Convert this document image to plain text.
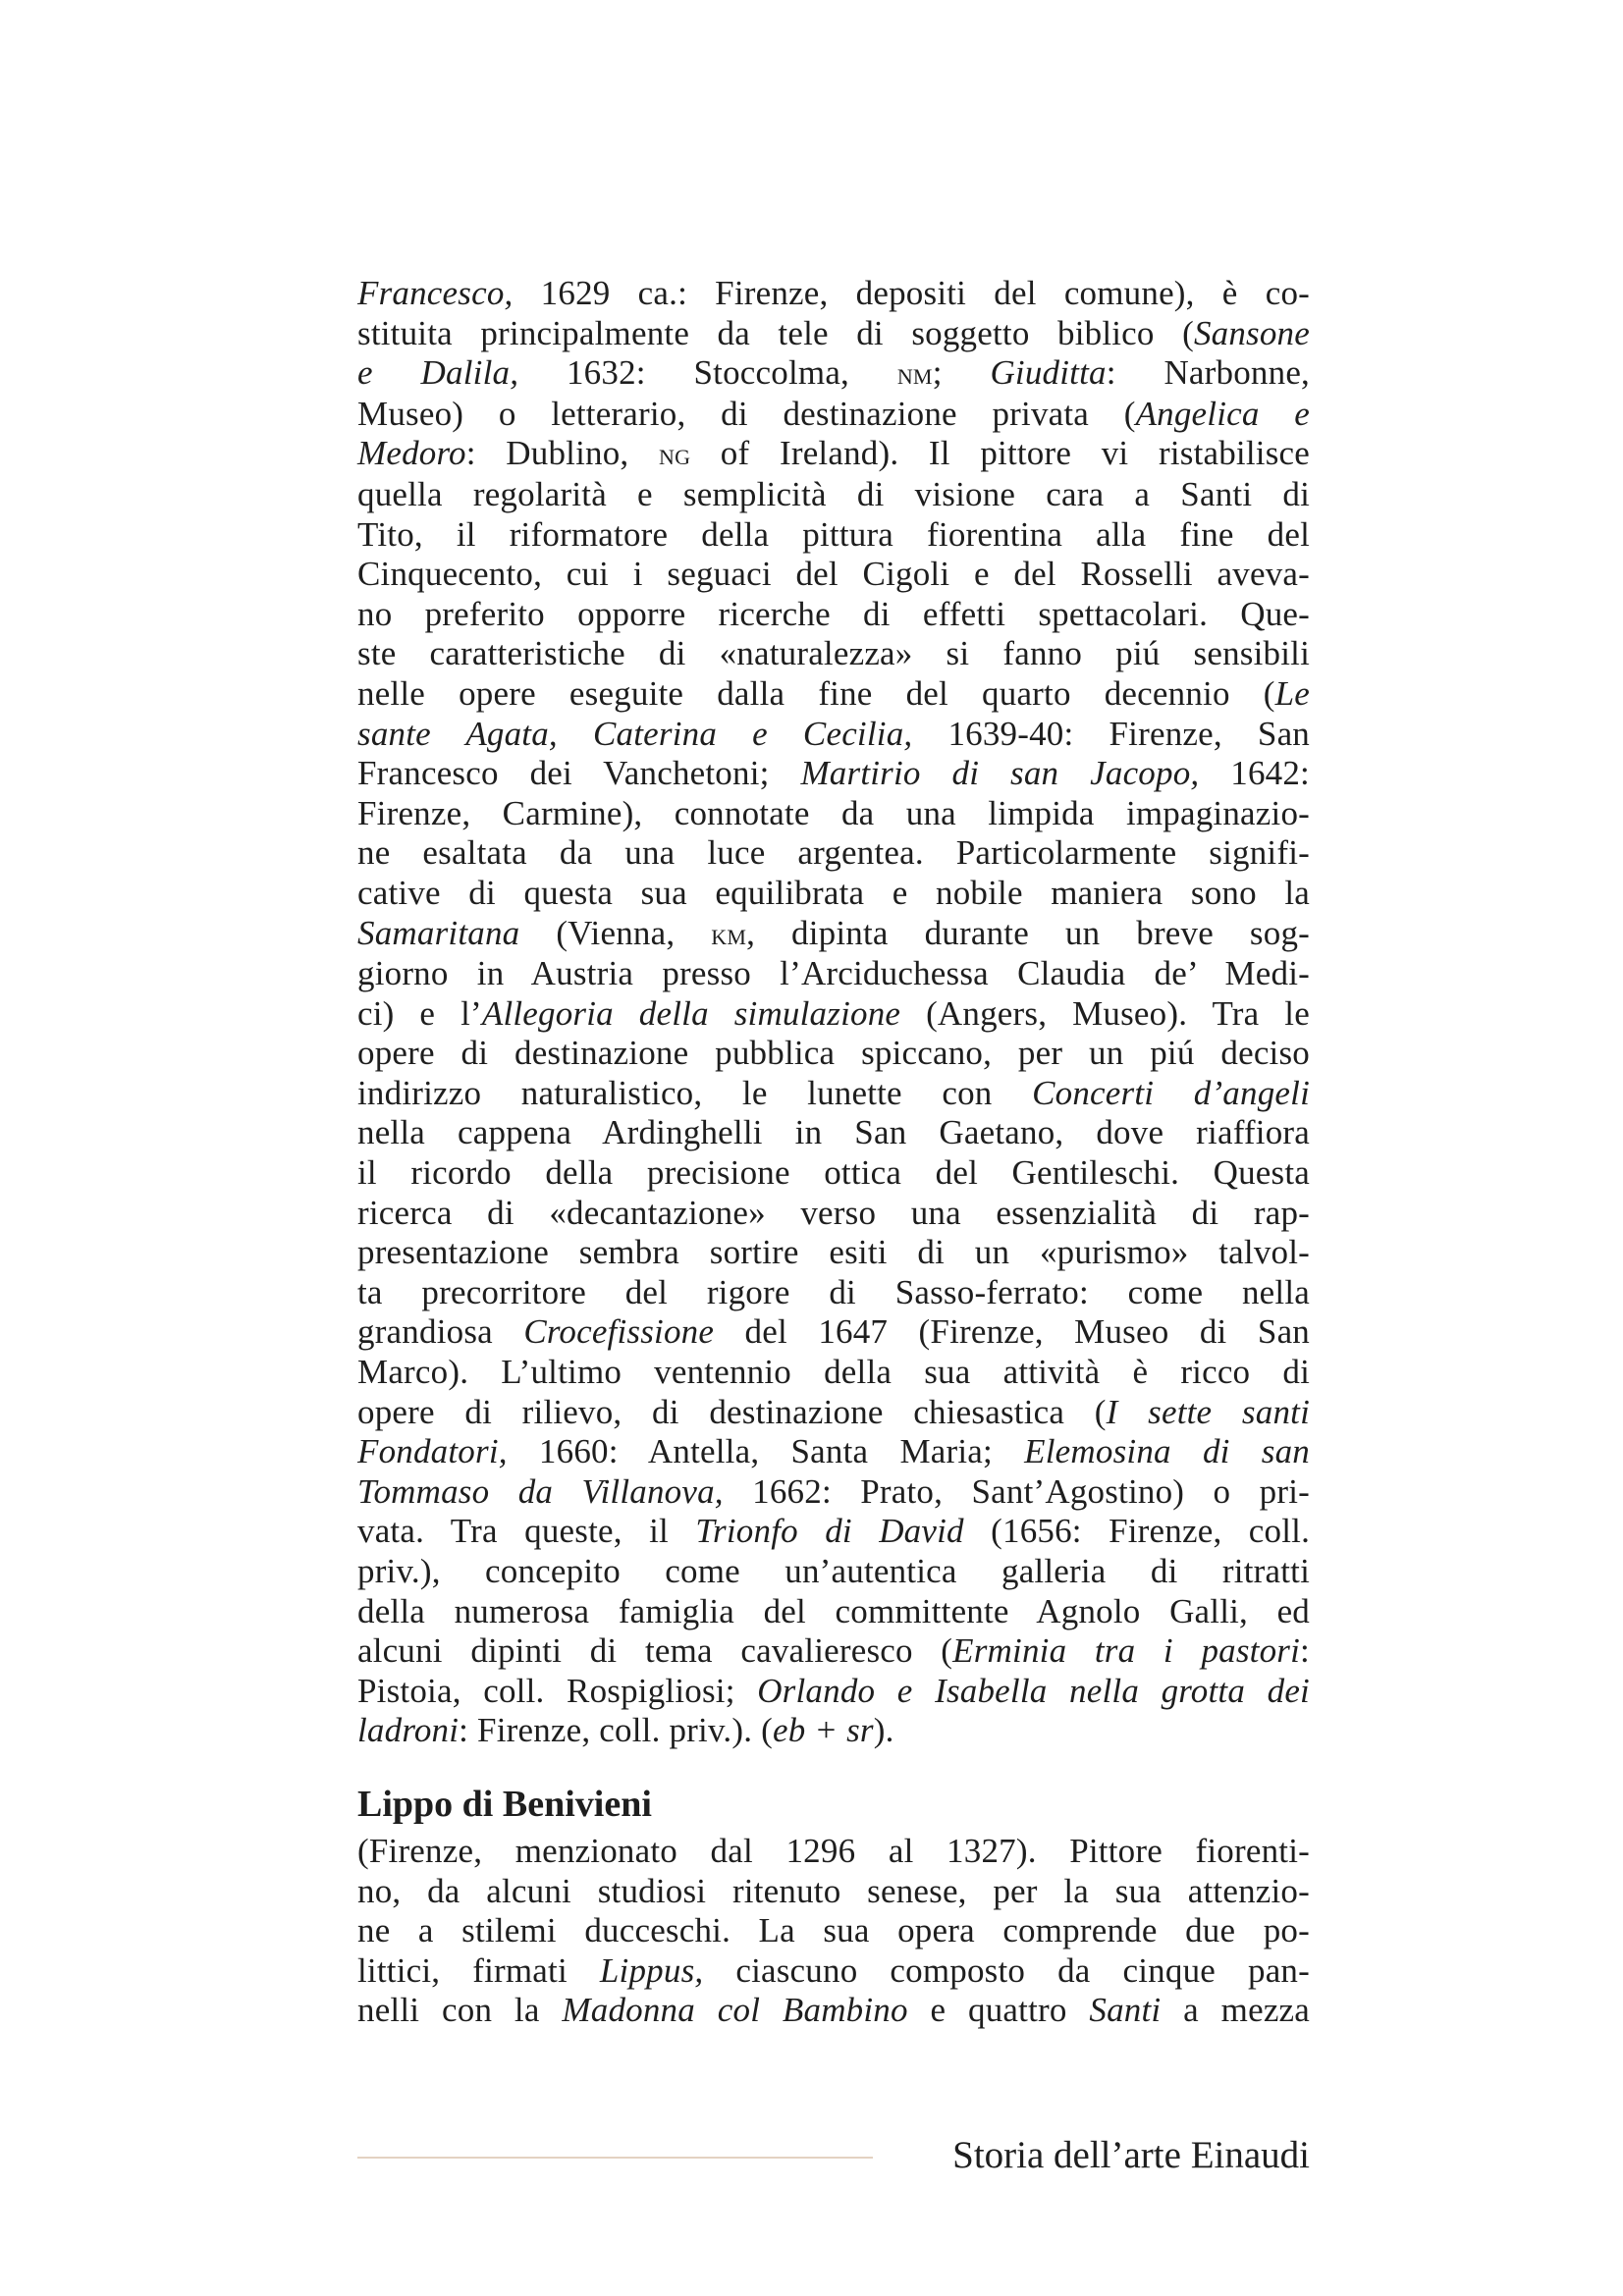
Francesco, 1629 ca.: Firenze, depositi del comune), è co-
stituita principalmente da tele di soggetto biblico (Sansone
e Dalila, 1632: Stoccolma, nm; Giuditta: Narbonne,
Museo) o letterario, di destinazione privata (Angelica e
Medoro: Dublino, ng of Ireland). Il pittore vi ristabilisce
quella regolarità e semplicità di visione cara a Santi di
Tito, il riformatore della pittura fiorentina alla fine del
Cinquecento, cui i seguaci del Cigoli e del Rosselli aveva-
no preferito opporre ricerche di effetti spettacolari. Que-
ste caratteristiche di «naturalezza» si fanno piú sensibili
nelle opere eseguite dalla fine del quarto decennio (Le
sante Agata, Caterina e Cecilia, 1639-40: Firenze, San
Francesco dei Vanchetoni; Martirio di san Jacopo, 1642:
Firenze, Carmine), connotate da una limpida impaginazio-
ne esaltata da una luce argentea. Particolarmente signifi-
cative di questa sua equilibrata e nobile maniera sono la
Samaritana (Vienna, km, dipinta durante un breve sog-
giorno in Austria presso l’Arciduchessa Claudia de’ Medi-
ci) e l’Allegoria della simulazione (Angers, Museo). Tra le
opere di destinazione pubblica spiccano, per un piú deciso
indirizzo naturalistico, le lunette con Concerti d’angeli
nella cappena Ardinghelli in San Gaetano, dove riaffiora
il ricordo della precisione ottica del Gentileschi. Questa
ricerca di «decantazione» verso una essenzialità di rap-
presentazione sembra sortire esiti di un «purismo» talvol-
ta precorritore del rigore di Sasso-ferrato: come nella
grandiosa Crocefissione del 1647 (Firenze, Museo di San
Marco). L’ultimo ventennio della sua attività è ricco di
opere di rilievo, di destinazione chiesastica (I sette santi
Fondatori, 1660: Antella, Santa Maria; Elemosina di san
Tommaso da Villanova, 1662: Prato, Sant’Agostino) o pri-
vata. Tra queste, il Trionfo di David (1656: Firenze, coll.
priv.), concepito come un’autentica galleria di ritratti
della numerosa famiglia del committente Agnolo Galli, ed
alcuni dipinti di tema cavalieresco (Erminia tra i pastori:
Pistoia, coll. Rospigliosi; Orlando e Isabella nella grotta dei
ladroni: Firenze, coll. priv.). (eb + sr).
Lippo di Benivieni
(Firenze, menzionato dal 1296 al 1327). Pittore fiorenti-
no, da alcuni studiosi ritenuto senese, per la sua attenzio-
ne a stilemi ducceschi. La sua opera comprende due po-
littici, firmati Lippus, ciascuno composto da cinque pan-
nelli con la Madonna col Bambino e quattro Santi a mezza
Storia dell’arte Einaudi
